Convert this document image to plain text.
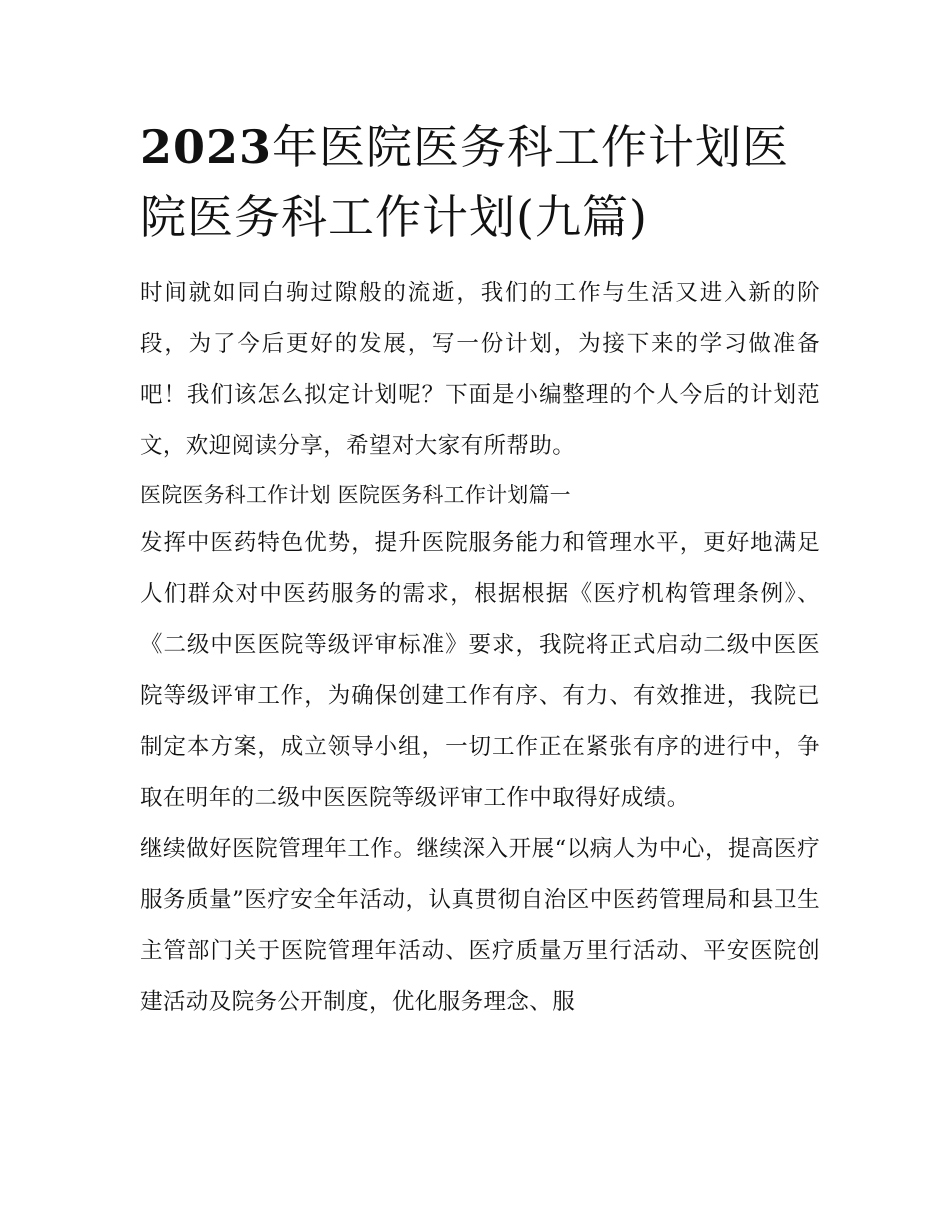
2023年医院医务科工作计划医院医务科工作计划(九篇)

时间就如同白驹过隙般的流逝，我们的工作与生活又进入新的阶段，为了今后更好的发展，写一份计划，为接下来的学习做准备吧！我们该怎么拟定计划呢？下面是小编整理的个人今后的计划范文，欢迎阅读分享，希望对大家有所帮助。

医院医务科工作计划 医院医务科工作计划篇一

发挥中医药特色优势，提升医院服务能力和管理水平，更好地满足人们群众对中医药服务的需求，根据根据《医疗机构管理条例》、《二级中医医院等级评审标准》要求，我院将正式启动二级中医医院等级评审工作，为确保创建工作有序、有力、有效推进，我院已制定本方案，成立领导小组，一切工作正在紧张有序的进行中，争取在明年的二级中医医院等级评审工作中取得好成绩。

继续做好医院管理年工作。继续深入开展“以病人为中心，提高医疗服务质量”医疗安全年活动，认真贯彻自治区中医药管理局和县卫生主管部门关于医院管理年活动、医疗质量万里行活动、平安医院创建活动及院务公开制度，优化服务理念、服
